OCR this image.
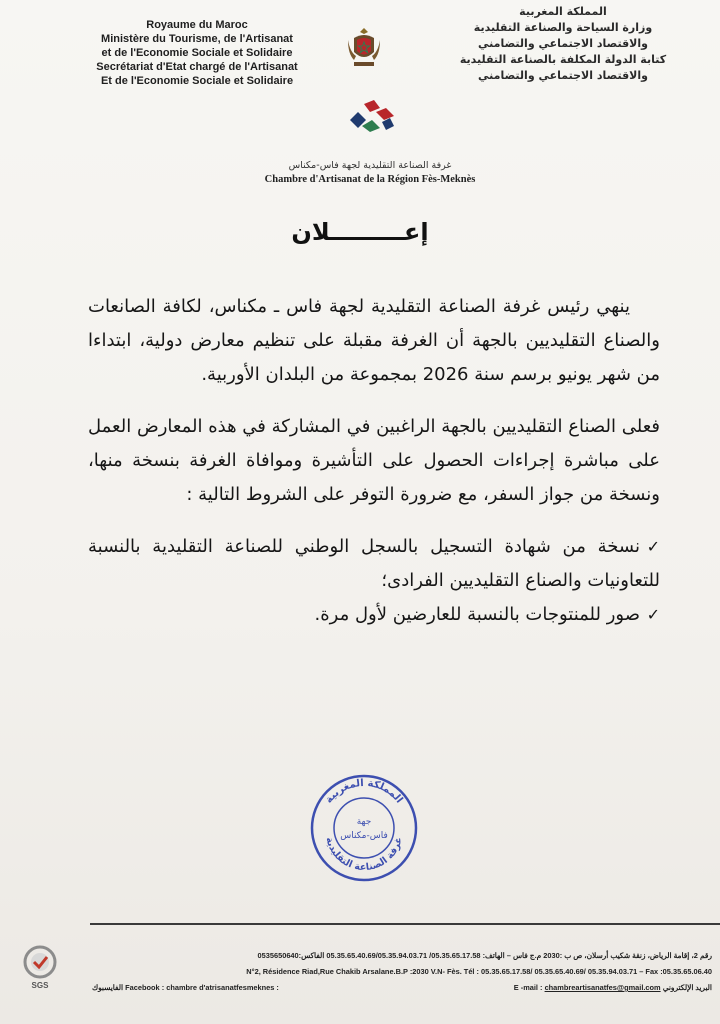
Royaume du Maroc
Ministère du Tourisme, de l'Artisanat
et de l'Economie Sociale et Solidaire
Secrétariat d'Etat chargé de l'Artisanat
Et de l'Economie Sociale et Solidaire
المملكة المغربية
وزارة السياحة والصناعة التقليدية
والاقتصاد الاجتماعي والتضامني
كتابة الدولة المكلفة بالصناعة التقليدية
والاقتصاد الاجتماعي والتضامني
غرفة الصناعة التقليدية لجهة فاس-مكناس
Chambre d'Artisanat de la Région Fès-Meknès
إعـــــــــلان

ينهي رئيس غرفة الصناعة التقليدية لجهة فاس ـ مكناس، لكافة الصانعات والصناع التقليديين بالجهة أن الغرفة مقبلة على تنظيم معارض دولية، ابتداءا من شهر يونيو برسم سنة 2026 بمجموعة من البلدان الأوربية.

فعلى الصناع التقليديين بالجهة الراغبين في المشاركة في هذه المعارض العمل على مباشرة إجراءات الحصول على التأشيرة وموافاة الغرفة بنسخة منها، ونسخة من جواز السفر، مع ضرورة التوفر على الشروط التالية :

✓نسخة من شهادة التسجيل بالسجل الوطني للصناعة التقليدية بالنسبة للتعاونيات والصناع التقليديين الفرادى؛
✓صور للمنتوجات بالنسبة للعارضين لأول مرة.
المملكة المغربية
جهة
فاس-مكناس
غرفة الصناعة التقليدية
SGS
رقم 2، إقامة الرياض، زنقة شكيب أرسلان، ص ب :2030 م.ج فاس – الهاتف: 05.35.65.17.58/ 05.35.65.40.69/05.35.94.03.71 الفاكس:0535650640
N°2, Résidence Riad,Rue Chakib Arsalane.B.P :2030 V.N- Fès. Tél : 05.35.65.17.58/ 05.35.65.40.69/ 05.35.94.03.71 – Fax :05.35.65.06.40
الفايسبوك Facebook : chambre d'atrisanatfesmeknes :	E -mail : chambreartisanatfes@gmail.com البريد الإلكتروني
